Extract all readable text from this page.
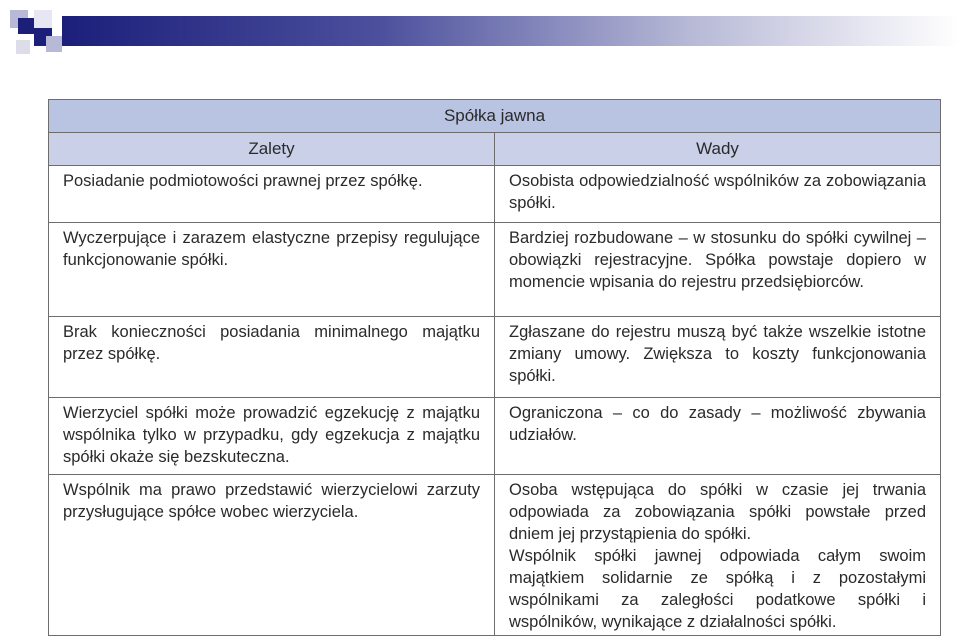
Spółka jawna	
Zalety	Wady
Posiadanie podmiotowości prawnej przez spółkę.	Osobista odpowiedzialność wspólników za zobowiązania spółki.
Wyczerpujące i zarazem elastyczne przepisy regulujące funkcjonowanie spółki.	Bardziej rozbudowane – w stosunku do spółki cywilnej – obowiązki rejestracyjne. Spółka powstaje dopiero w momencie wpisania do rejestru przedsiębiorców.
Brak konieczności posiadania minimalnego majątku przez spółkę.	Zgłaszane do rejestru muszą być także wszelkie istotne zmiany umowy. Zwiększa to koszty funkcjonowania spółki.
Wierzyciel spółki może prowadzić egzekucję z majątku wspólnika tylko w przypadku, gdy egzekucja z majątku spółki okaże się bezskuteczna.	Ograniczona – co do zasady – możliwość zbywania udziałów.
Wspólnik ma prawo przedstawić wierzycielowi zarzuty przysługujące spółce wobec wierzyciela.	Osoba wstępująca do spółki w czasie jej trwania odpowiada za zobowiązania spółki powstałe przed dniem jej przystąpienia do spółki.
Wspólnik spółki jawnej odpowiada całym swoim majątkiem solidarnie ze spółką i z pozostałymi wspólnikami za zaległości podatkowe spółki i wspólników, wynikające z działalności spółki.
